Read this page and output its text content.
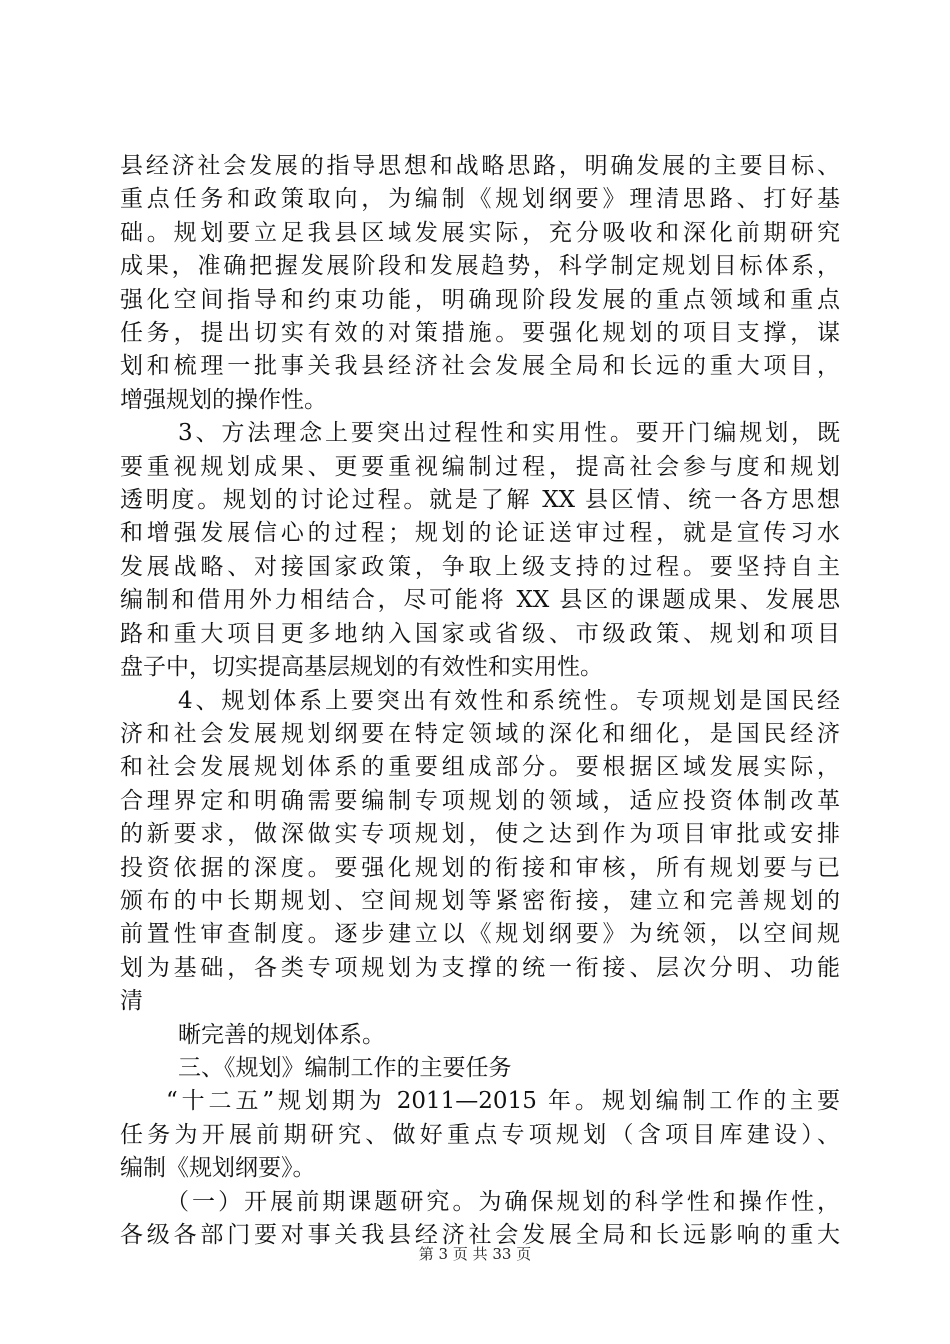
县经济社会发展的指导思想和战略思路，明确发展的主要目标、
重点任务和政策取向，为编制《规划纲要》理清思路、打好基
础。规划要立足我县区域发展实际，充分吸收和深化前期研究
成果，准确把握发展阶段和发展趋势，科学制定规划目标体系，
强化空间指导和约束功能，明确现阶段发展的重点领域和重点
任务，提出切实有效的对策措施。要强化规划的项目支撑，谋
划和梳理一批事关我县经济社会发展全局和长远的重大项目，
增强规划的操作性。
3、方法理念上要突出过程性和实用性。要开门编规划，既
要重视规划成果、更要重视编制过程，提高社会参与度和规划
透明度。规划的讨论过程。就是了解 XX 县区情、统一各方思想
和增强发展信心的过程；规划的论证送审过程，就是宣传习水
发展战略、对接国家政策，争取上级支持的过程。要坚持自主
编制和借用外力相结合，尽可能将 XX 县区的课题成果、发展思
路和重大项目更多地纳入国家或省级、市级政策、规划和项目
盘子中，切实提高基层规划的有效性和实用性。
4、规划体系上要突出有效性和系统性。专项规划是国民经
济和社会发展规划纲要在特定领域的深化和细化，是国民经济
和社会发展规划体系的重要组成部分。要根据区域发展实际，
合理界定和明确需要编制专项规划的领域，适应投资体制改革
的新要求，做深做实专项规划，使之达到作为项目审批或安排
投资依据的深度。要强化规划的衔接和审核，所有规划要与已
颁布的中长期规划、空间规划等紧密衔接，建立和完善规划的
前置性审查制度。逐步建立以《规划纲要》为统领，以空间规
划为基础，各类专项规划为支撑的统一衔接、层次分明、功能
清
晰完善的规划体系。
三、《规划》编制工作的主要任务
“十二五”规划期为 2011—2015 年。规划编制工作的主要
任务为开展前期研究、做好重点专项规划（含项目库建设）、
编制《规划纲要》。
（一）开展前期课题研究。为确保规划的科学性和操作性，
各级各部门要对事关我县经济社会发展全局和长远影响的重大
第 3 页 共 33 页
